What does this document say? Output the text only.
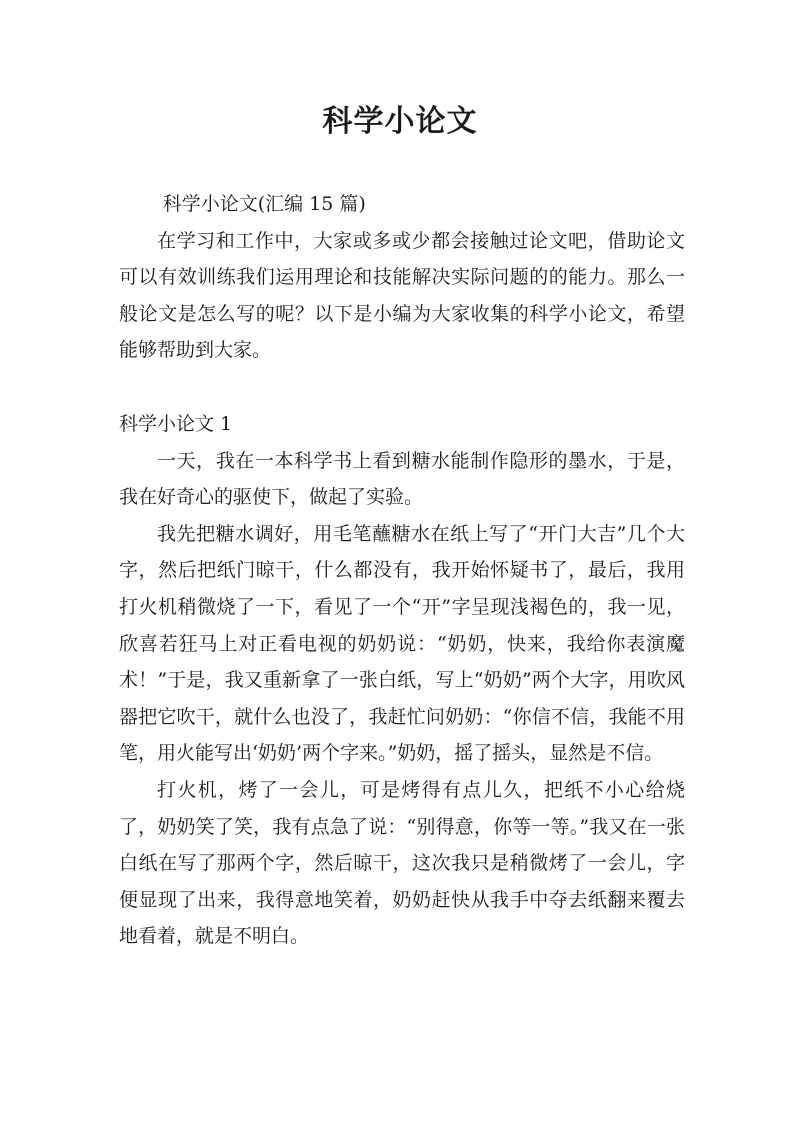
科学小论文

科学小论文(汇编 15 篇)

在学习和工作中，大家或多或少都会接触过论文吧，借助论文可以有效训练我们运用理论和技能解决实际问题的的能力。那么一般论文是怎么写的呢？以下是小编为大家收集的科学小论文，希望能够帮助到大家。

科学小论文 1

一天，我在一本科学书上看到糖水能制作隐形的墨水，于是，我在好奇心的驱使下，做起了实验。

我先把糖水调好，用毛笔蘸糖水在纸上写了“开门大吉”几个大字，然后把纸门晾干，什么都没有，我开始怀疑书了，最后，我用打火机稍微烧了一下，看见了一个“开”字呈现浅褐色的，我一见，欣喜若狂马上对正看电视的奶奶说：“奶奶，快来，我给你表演魔术！”于是，我又重新拿了一张白纸，写上“奶奶”两个大字，用吹风器把它吹干，就什么也没了，我赶忙问奶奶：“你信不信，我能不用笔，用火能写出‘奶奶’两个字来。”奶奶，摇了摇头，显然是不信。

打火机，烤了一会儿，可是烤得有点儿久，把纸不小心给烧了，奶奶笑了笑，我有点急了说：“别得意，你等一等。”我又在一张白纸在写了那两个字，然后晾干，这次我只是稍微烤了一会儿，字便显现了出来，我得意地笑着，奶奶赶快从我手中夺去纸翻来覆去地看着，就是不明白。
